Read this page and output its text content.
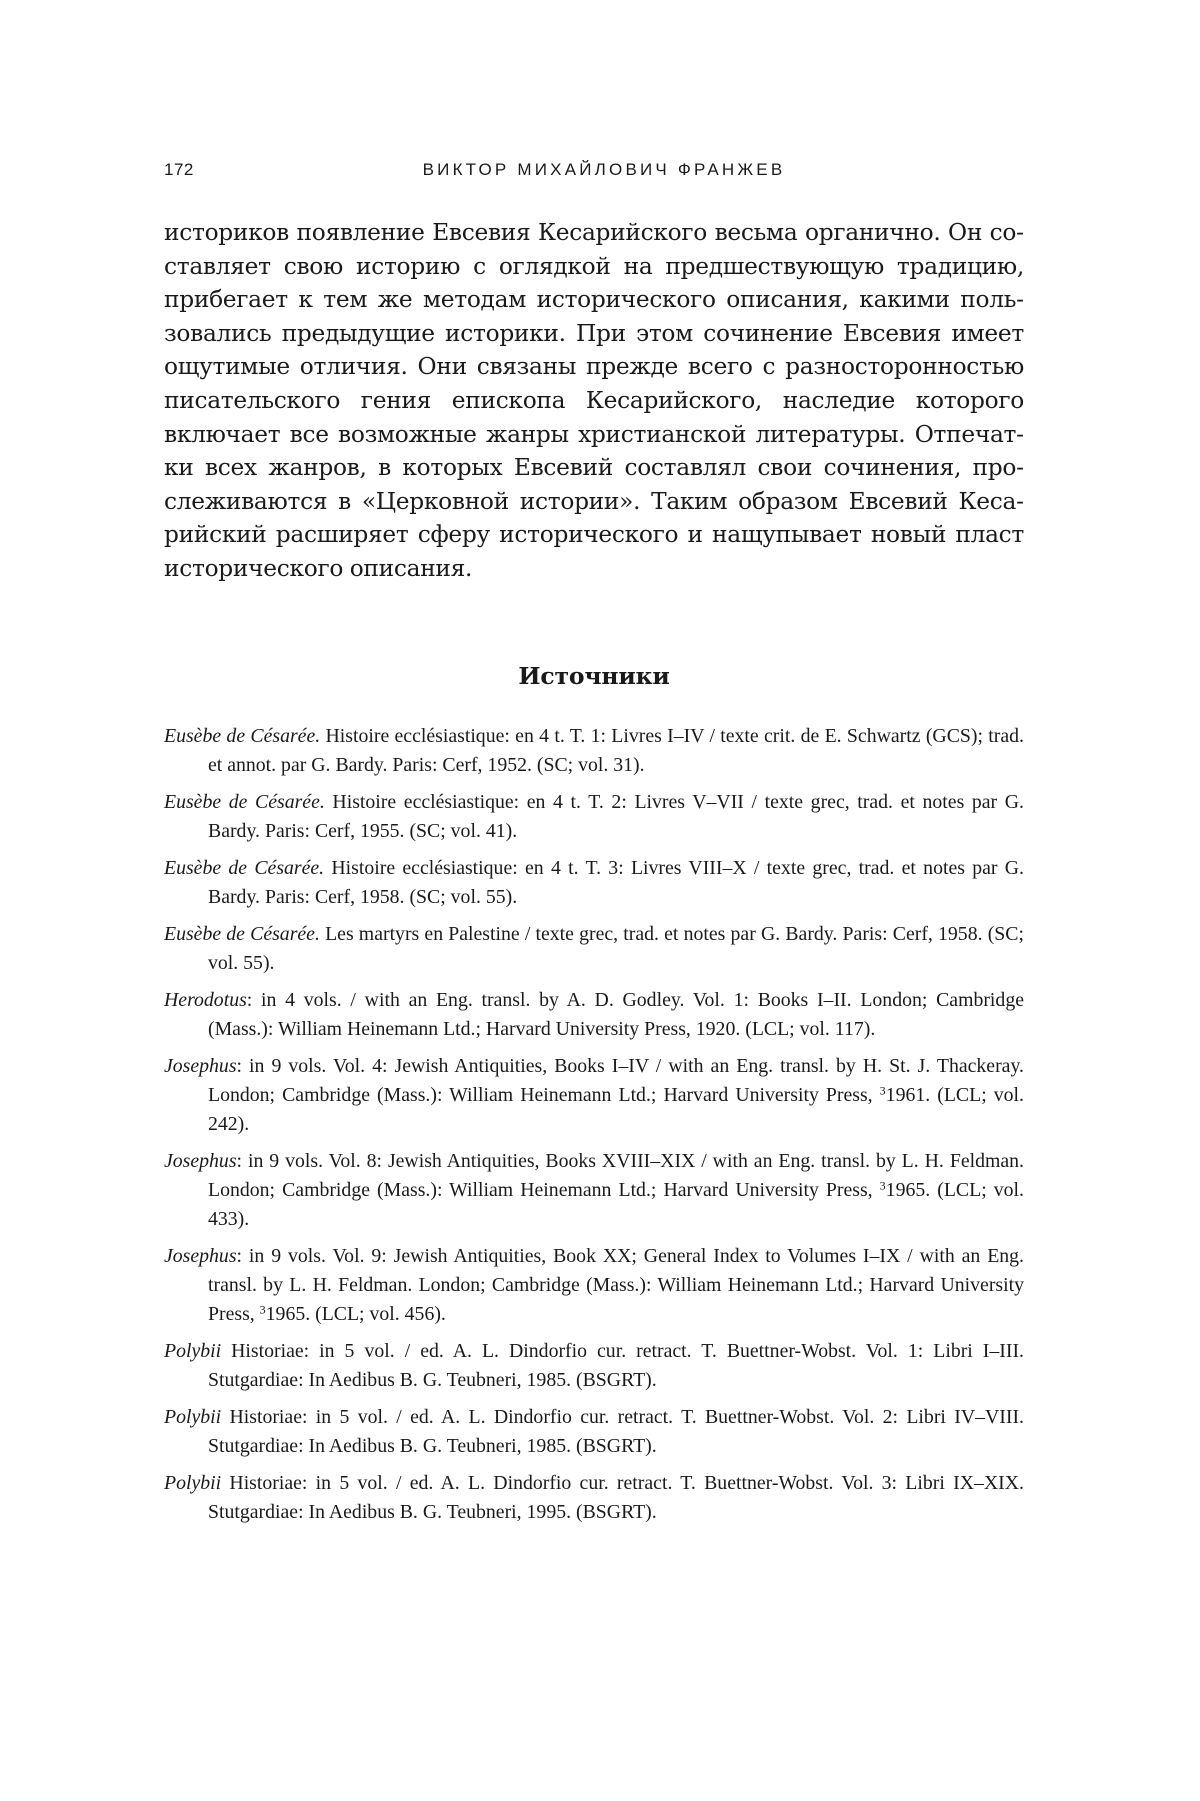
172	ВИКТОР МИХАЙЛОВИЧ ФРАНЖЕВ

историков появление Евсевия Кесарийского весьма органично. Он составляет свою историю с оглядкой на предшествующую традицию, прибегает к тем же методам исторического описания, какими пользовались предыдущие историки. При этом сочинение Евсевия имеет ощутимые отличия. Они связаны прежде всего с разносторонностью писательского гения епископа Кесарийского, наследие которого включает все возможные жанры христианской литературы. Отпечатки всех жанров, в которых Евсевий составлял свои сочинения, прослеживаются в «Церковной истории». Таким образом Евсевий Кесарийский расширяет сферу исторического и нащупывает новый пласт исторического описания.

Источники
Eusèbe de Césarée. Histoire ecclésiastique: en 4 t. T. 1: Livres I–IV / texte crit. de E. Schwartz (GCS); trad. et annot. par G. Bardy. Paris: Cerf, 1952. (SC; vol. 31).
Eusèbe de Césarée. Histoire ecclésiastique: en 4 t. T. 2: Livres V–VII / texte grec, trad. et notes par G. Bardy. Paris: Cerf, 1955. (SC; vol. 41).
Eusèbe de Césarée. Histoire ecclésiastique: en 4 t. T. 3: Livres VIII–X / texte grec, trad. et notes par G. Bardy. Paris: Cerf, 1958. (SC; vol. 55).
Eusèbe de Césarée. Les martyrs en Palestine / texte grec, trad. et notes par G. Bardy. Paris: Cerf, 1958. (SC; vol. 55).
Herodotus: in 4 vols. / with an Eng. transl. by A. D. Godley. Vol. 1: Books I–II. London; Cambridge (Mass.): William Heinemann Ltd.; Harvard University Press, 1920. (LCL; vol. 117).
Josephus: in 9 vols. Vol. 4: Jewish Antiquities, Books I–IV / with an Eng. transl. by H. St. J. Thackeray. London; Cambridge (Mass.): William Heinemann Ltd.; Harvard University Press, $^3$1961. (LCL; vol. 242).
Josephus: in 9 vols. Vol. 8: Jewish Antiquities, Books XVIII–XIX / with an Eng. transl. by L. H. Feldman. London; Cambridge (Mass.): William Heinemann Ltd.; Harvard University Press, $^3$1965. (LCL; vol. 433).
Josephus: in 9 vols. Vol. 9: Jewish Antiquities, Book XX; General Index to Volumes I–IX / with an Eng. transl. by L. H. Feldman. London; Cambridge (Mass.): William Heinemann Ltd.; Harvard University Press, $^3$1965. (LCL; vol. 456).
Polybii Historiae: in 5 vol. / ed. A. L. Dindorfio cur. retract. T. Buettner-Wobst. Vol. 1: Libri I–III. Stutgardiae: In Aedibus B. G. Teubneri, 1985. (BSGRT).
Polybii Historiae: in 5 vol. / ed. A. L. Dindorfio cur. retract. T. Buettner-Wobst. Vol. 2: Libri IV–VIII. Stutgardiae: In Aedibus B. G. Teubneri, 1985. (BSGRT).
Polybii Historiae: in 5 vol. / ed. A. L. Dindorfio cur. retract. T. Buettner-Wobst. Vol. 3: Libri IX–XIX. Stutgardiae: In Aedibus B. G. Teubneri, 1995. (BSGRT).
